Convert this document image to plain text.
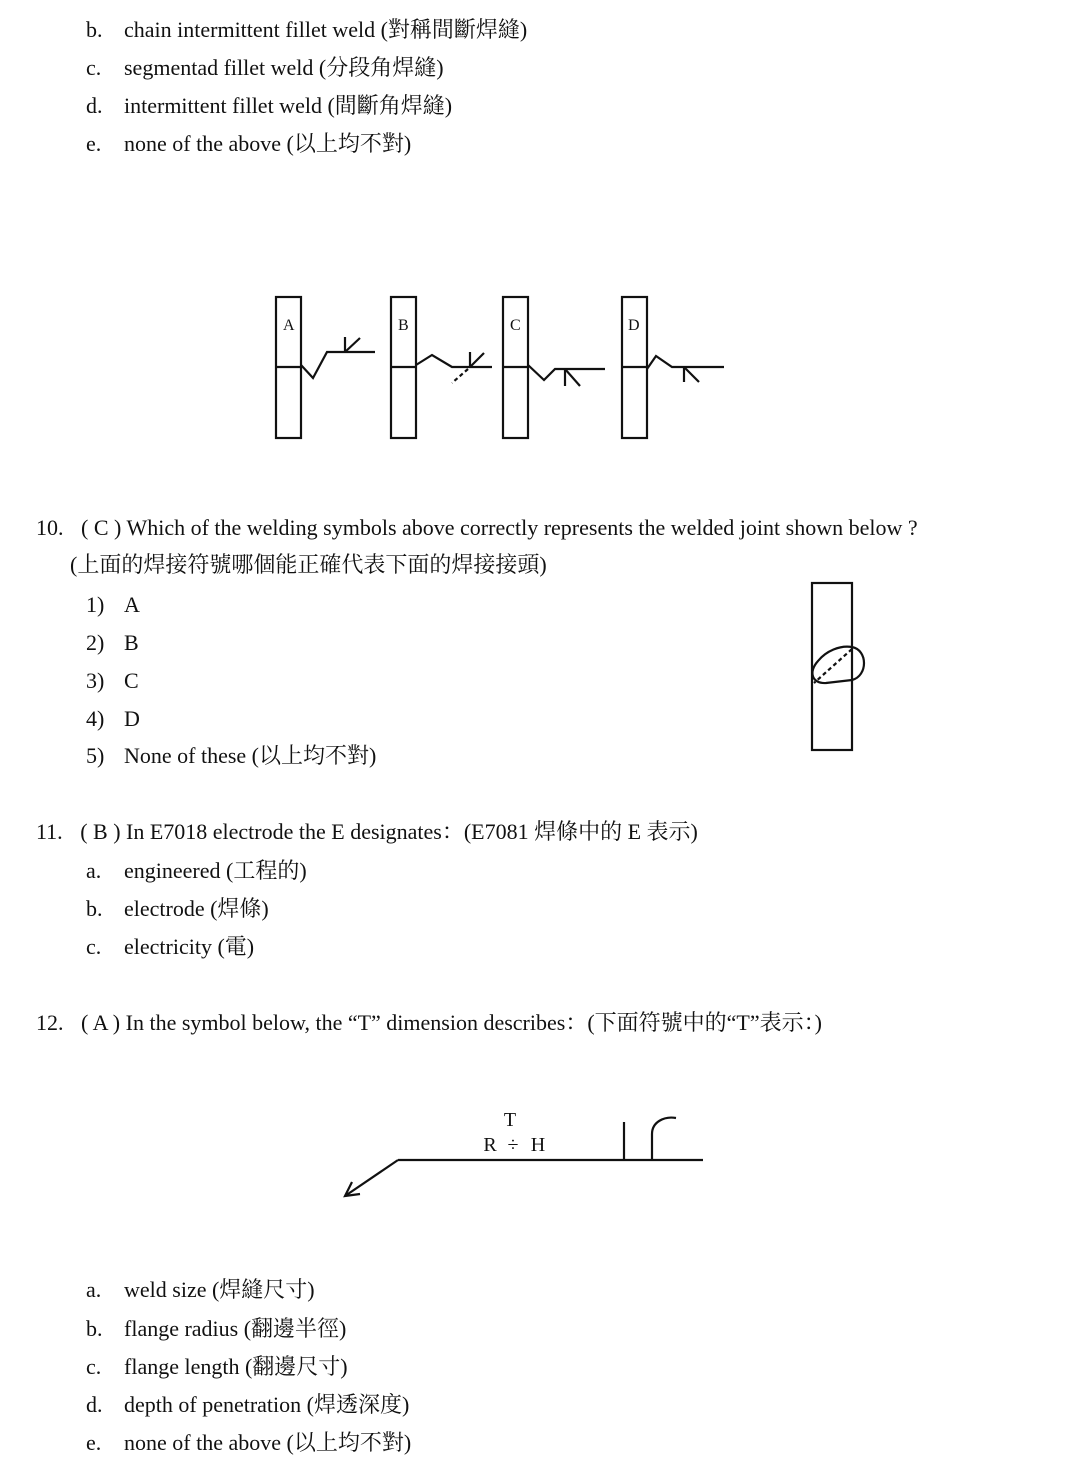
b. chain intermittent fillet weld (對稱間斷焊縫)
c. segmentad fillet weld (分段角焊縫)
d. intermittent fillet weld (間斷角焊縫)
e. none of the above (以上均不對)
A	B	C	D
10. ( C ) Which of the welding symbols above correctly represents the welded joint shown below ?
(上面的焊接符號哪個能正確代表下面的焊接接頭)
1) A
2) B
3) C
4) D
5) None of these (以上均不對)
11. ( B ) In E7018 electrode the E designates：(E7081 焊條中的 E 表示)
a. engineered (工程的)
b. electrode (焊條)
c. electricity (電)
12. ( A ) In the symbol below, the “T” dimension describes：(下面符號中的“T”表示：)
T
R ÷ H
a. weld size (焊縫尺寸)
b. flange radius (翻邊半徑)
c. flange length (翻邊尺寸)
d. depth of penetration (焊透深度)
e. none of the above (以上均不對)
